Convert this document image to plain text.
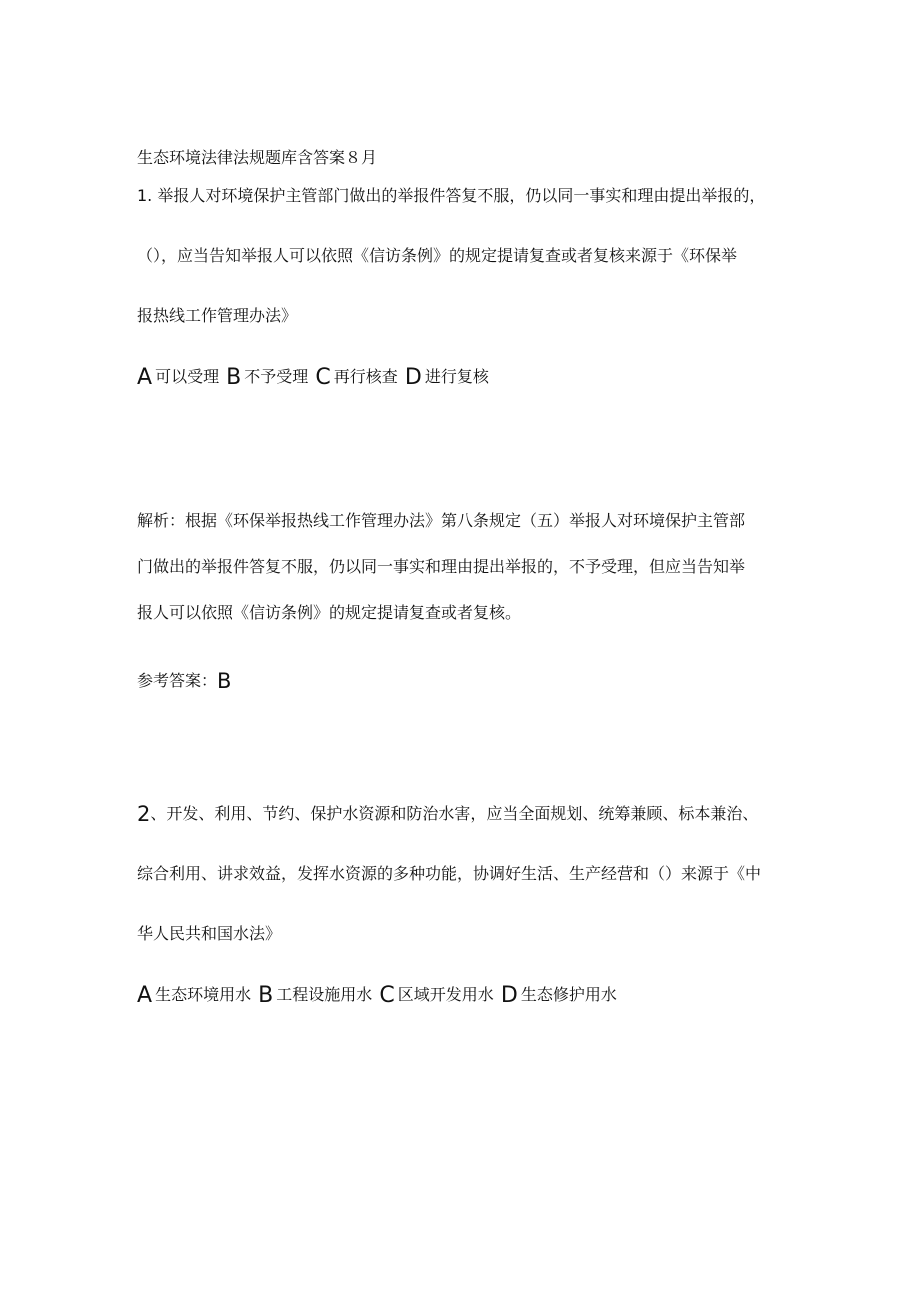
生态环境法律法规题库含答案８月
1. 举报人对环境保护主管部门做出的举报件答复不服，仍以同一事实和理由提出举报的，
（），应当告知举报人可以依照《信访条例》的规定提请复查或者复核来源于《环保举
报热线工作管理办法》
A 可以受理 B 不予受理 C 再行核查 D 进行复核
解析：根据《环保举报热线工作管理办法》第八条规定（五）举报人对环境保护主管部
门做出的举报件答复不服，仍以同一事实和理由提出举报的，不予受理，但应当告知举
报人可以依照《信访条例》的规定提请复查或者复核。
参考答案：B
2、开发、利用、节约、保护水资源和防治水害，应当全面规划、统筹兼顾、标本兼治、
综合利用、讲求效益，发挥水资源的多种功能，协调好生活、生产经营和（）来源于《中
华人民共和国水法》
A 生态环境用水 B 工程设施用水 C 区域开发用水 D 生态修护用水
